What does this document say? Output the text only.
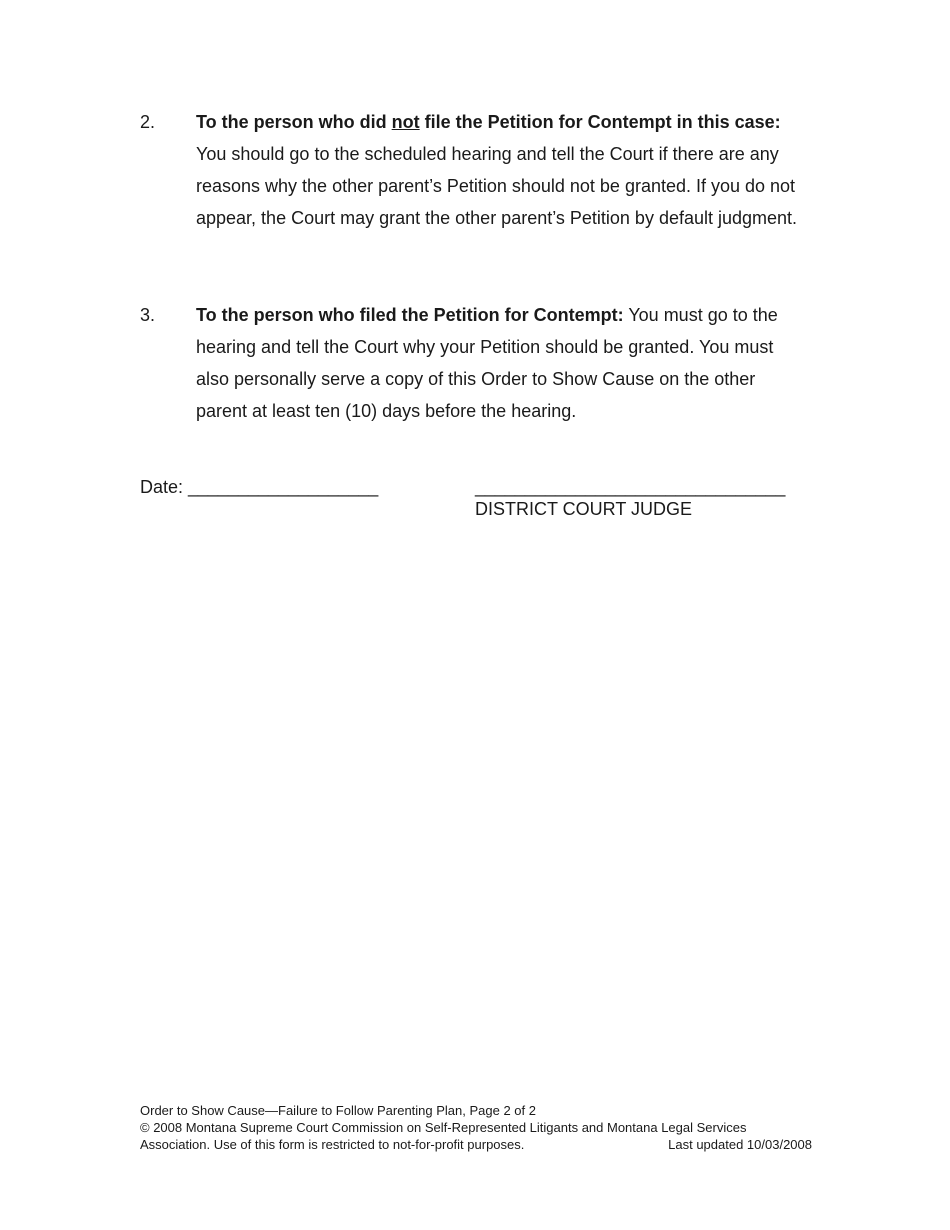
2.	To the person who did not file the Petition for Contempt in this case:
You should go to the scheduled hearing and tell the Court if there are any reasons why the other parent’s Petition should not be granted. If you do not appear, the Court may grant the other parent’s Petition by default judgment.
3.	To the person who filed the Petition for Contempt: You must go to the hearing and tell the Court why your Petition should be granted. You must also personally serve a copy of this Order to Show Cause on the other parent at least ten (10) days before the hearing.
Date: ___________________	_______________________________
DISTRICT COURT JUDGE
Order to Show Cause—Failure to Follow Parenting Plan, Page 2 of 2
© 2008 Montana Supreme Court Commission on Self-Represented Litigants and Montana Legal Services
Association. Use of this form is restricted to not-for-profit purposes.	Last updated 10/03/2008
